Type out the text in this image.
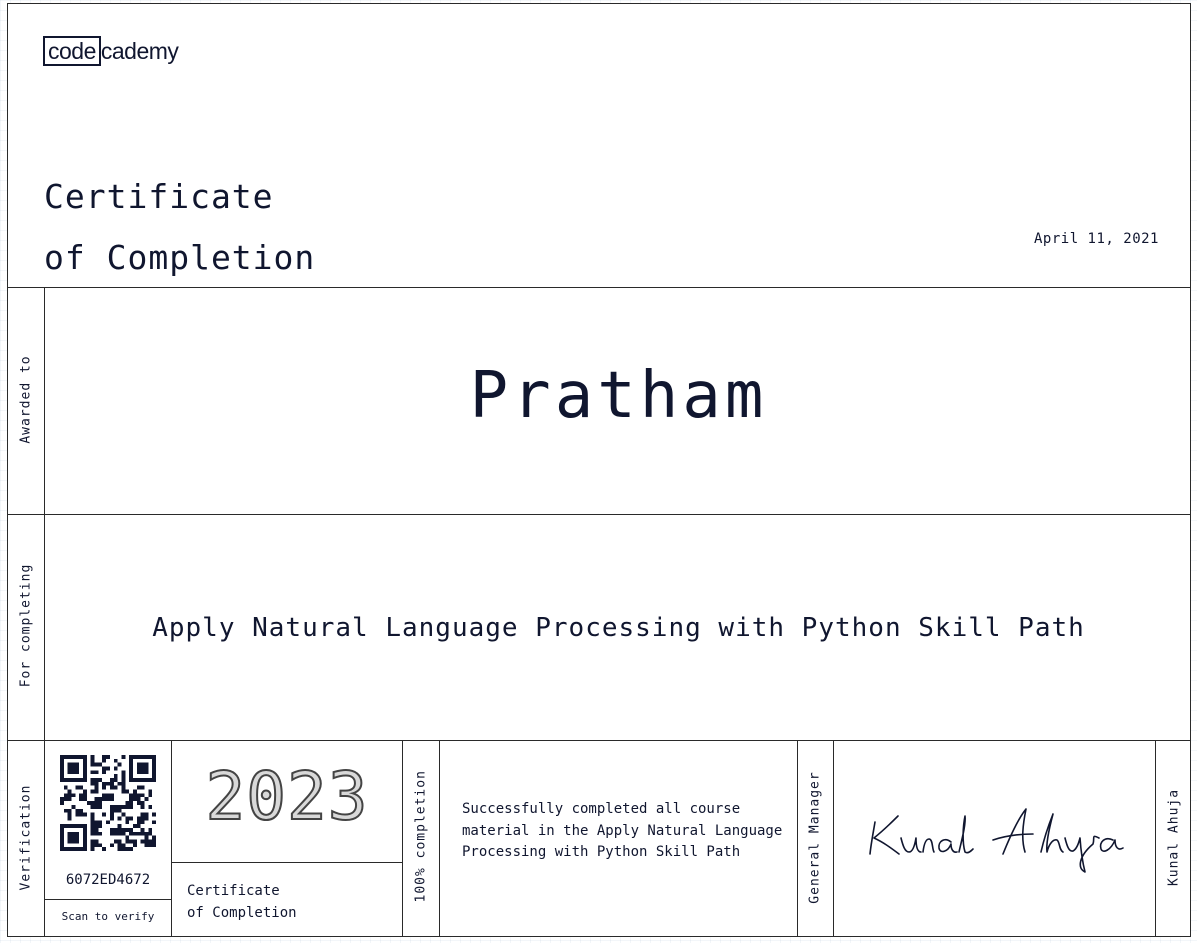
code cademy
Certificate
of Completion	April 11, 2021
Awarded to	Pratham
For completing	Apply Natural Language Processing with Python Skill Path
Verification	6072ED4672
Scan to verify
2023
Certificate
of Completion
100% completion Successfully completed all course material in the Apply Natural Language Processing with Python Skill Path	General Manager	Kunal Ahuja
